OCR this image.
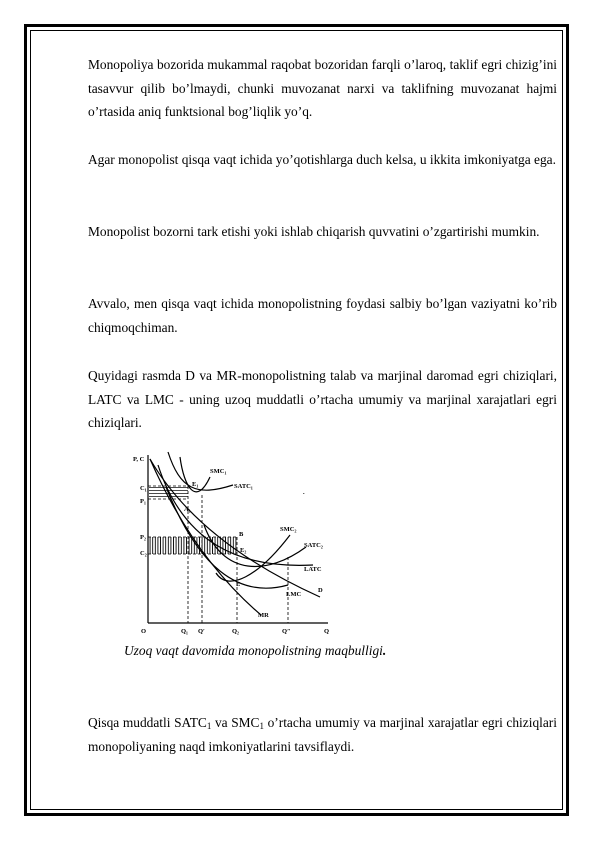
Monopoliya bozorida mukammal raqobat bozoridan farqli o’laroq, taklif egri chizig’ini tasavvur qilib bo’lmaydi, chunki muvozanat narxi va taklifning muvozanat hajmi o’rtasida aniq funktsional bog’liqlik yo’q.

Agar monopolist qisqa vaqt ichida yo’qotishlarga duch kelsa, u ikkita imkoniyatga ega.

Monopolist bozorni tark etishi yoki ishlab chiqarish quvvatini o’zgartirishi mumkin.

Avvalo, men qisqa vaqt ichida monopolistning foydasi salbiy bo’lgan vaziyatni ko’rib chiqmoqchiman.

Quyidagi rasmda D va MR-monopolistning talab va marjinal daromad egri chiziqlari, LATC va LMC - uning uzoq muddatli o’rtacha umumiy va marjinal xarajatlari egri chiziqlari.

P, C
O	Q
C₁
P₁
P₂
C₂
SMC₁
SATC₁
E₁
A₁
B
SMC₂
SATC₂
E₂
LATC
E
LMC
D
MR
Q₁ Q′	Q₂	Q″
.
Uzoq vaqt davomida monopolistning maqbulligi.

Qisqa muddatli $SATC_1$ va $SMC_1$ o’rtacha umumiy va marjinal xarajatlar egri chiziqlari monopoliyaning naqd imkoniyatlarini tavsiflaydi.
